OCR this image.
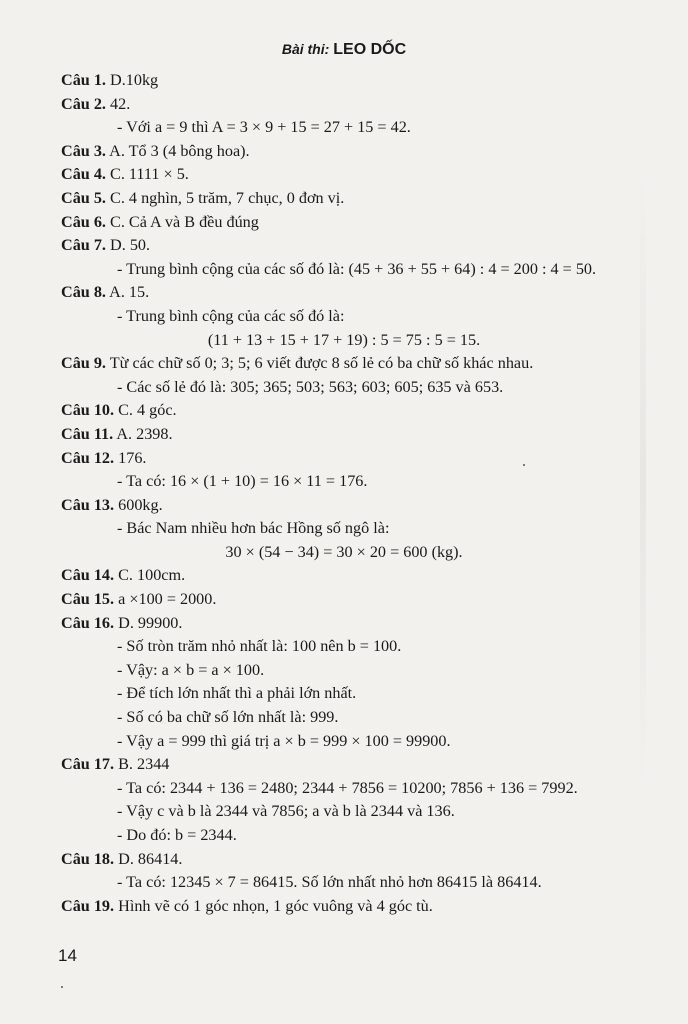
Bài thi: LEO DỐC
Câu 1. D.10kg
Câu 2. 42.
- Với a = 9 thì A = 3 × 9 + 15 = 27 + 15 = 42.
Câu 3. A. Tổ 3 (4 bông hoa).
Câu 4. C. 1111 × 5.
Câu 5. C. 4 nghìn, 5 trăm, 7 chục, 0 đơn vị.
Câu 6. C. Cả A và B đều đúng
Câu 7. D. 50.
- Trung bình cộng của các số đó là: (45 + 36 + 55 + 64) : 4 = 200 : 4 = 50.
Câu 8. A. 15.
- Trung bình cộng của các số đó là:
(11 + 13 + 15 + 17 + 19) : 5 = 75 : 5 = 15.
Câu 9. Từ các chữ số 0; 3; 5; 6 viết được 8 số lẻ có ba chữ số khác nhau.
- Các số lẻ đó là: 305; 365; 503; 563; 603; 605; 635 và 653.
Câu 10. C. 4 góc.
Câu 11. A. 2398.
Câu 12. 176.
- Ta có: 16 × (1 + 10) = 16 × 11 = 176.
Câu 13. 600kg.
- Bác Nam nhiều hơn bác Hồng số ngô là:
30 × (54 − 34) = 30 × 20 = 600 (kg).
Câu 14. C. 100cm.
Câu 15. a ×100 = 2000.
Câu 16. D. 99900.
- Số tròn trăm nhỏ nhất là: 100 nên b = 100.
- Vậy: a × b = a × 100.
- Để tích lớn nhất thì a phải lớn nhất.
- Số có ba chữ số lớn nhất là: 999.
- Vậy a = 999 thì giá trị a × b = 999 × 100 = 99900.
Câu 17. B. 2344
- Ta có: 2344 + 136 = 2480; 2344 + 7856 = 10200; 7856 + 136 = 7992.
- Vậy c và b là 2344 và 7856; a và b là 2344 và 136.
- Do đó: b = 2344.
Câu 18. D. 86414.
- Ta có: 12345 × 7 = 86415. Số lớn nhất nhỏ hơn 86415 là 86414.
Câu 19. Hình vẽ có 1 góc nhọn, 1 góc vuông và 4 góc tù.
14
